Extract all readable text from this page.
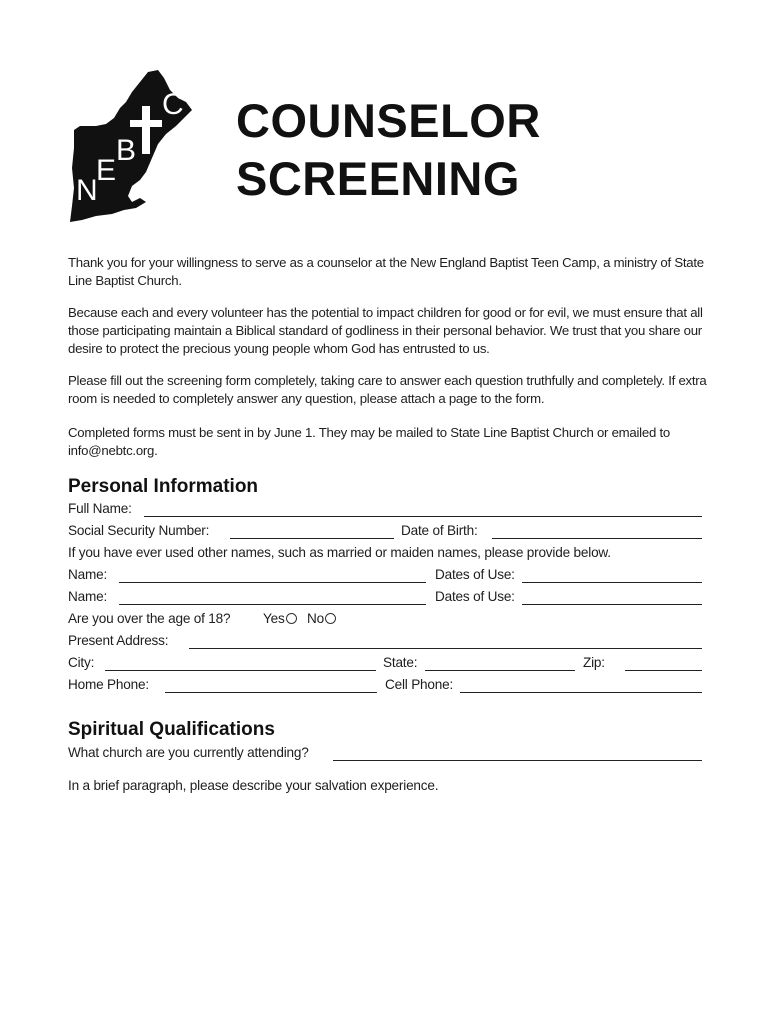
C
B
E
N
COUNSELOR
SCREENING
Thank you for your willingness to serve as a counselor at the New England Baptist Teen Camp, a ministry of State Line Baptist Church.
Because each and every volunteer has the potential to impact children for good or for evil, we must ensure that all those participating maintain a Biblical standard of godliness in their personal behavior. We trust that you share our desire to protect the precious young people whom God has entrusted to us.
Please fill out the screening form completely, taking care to answer each question truthfully and completely. If extra room is needed to completely answer any question, please attach a page to the form.
Completed forms must be sent in by June 1. They may be mailed to State Line Baptist Church or emailed to info@nebtc.org.
Personal Information
Full Name:
Social Security Number:	Date of Birth:
If you have ever used other names, such as married or maiden names, please provide below.
Name:	Dates of Use:
Name:	Dates of Use:
Are you over the age of 18? Yes	No
Present Address:
City:	State:	Zip:
Home Phone:	Cell Phone:
Spiritual Qualifications
What church are you currently attending?
In a brief paragraph, please describe your salvation experience.
